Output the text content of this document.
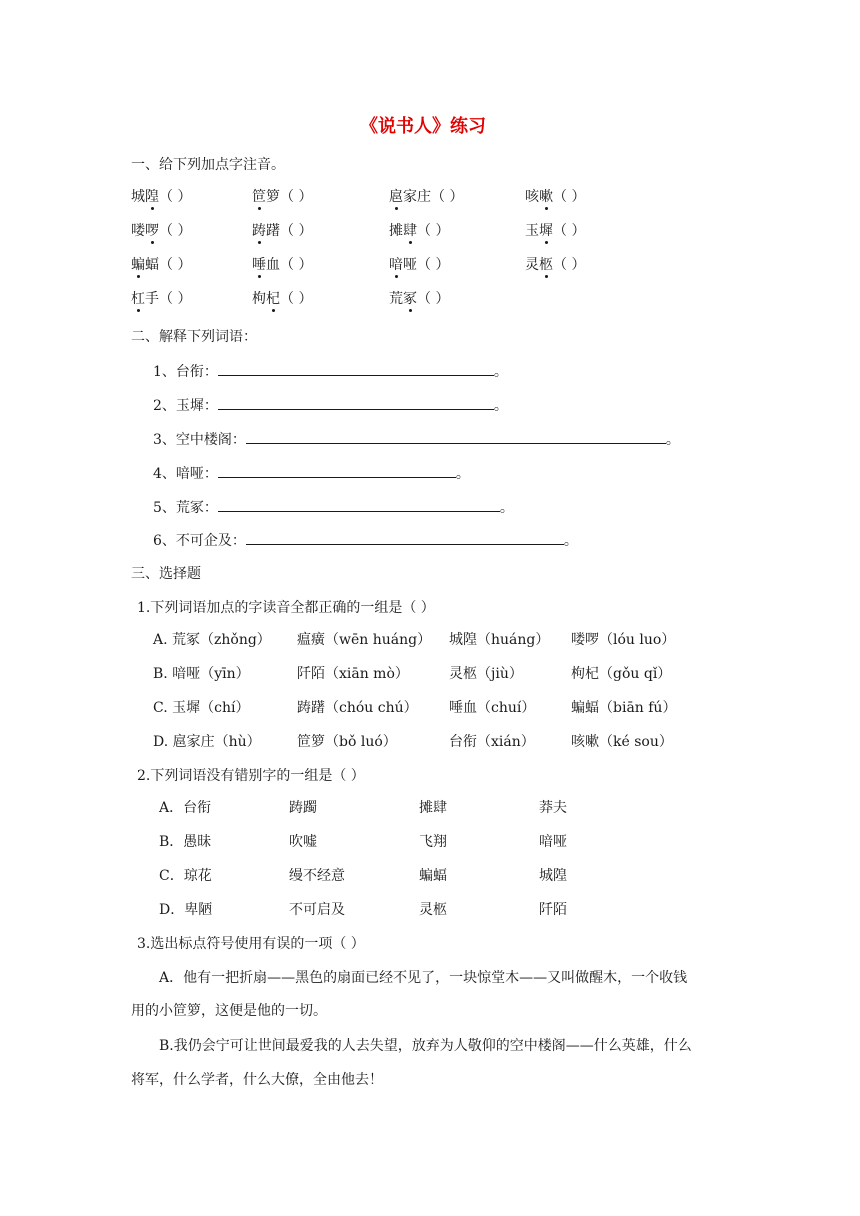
《说书人》练习
一、给下列加点字注音。
城隍（ ）	笸箩（ ）	扈家庄（ ）	咳嗽（ ）
喽啰（ ）	踌躇（ ）	摊肆（ ）	玉墀（ ）
蝙蝠（ ）	唾血（ ）	喑哑（ ）	灵柩（ ）
杠手（ ）	枸杞（ ）	荒冢（ ）
二、解释下列词语：
1、台衔：	。
2、玉墀：	。
3、空中楼阁：	。
4、喑哑：	。
5、荒冢：	。
6、不可企及：	。
三、选择题
1.下列词语加点的字读音全都正确的一组是（ ）
A. 荒冢（zhǒng） 瘟癀（wēn huáng） 城隍（huáng） 喽啰（lóu luo）
B. 喑哑（yīn）	阡陌（xiān mò）	灵柩（jiù）	枸杞（gǒu qǐ）
C. 玉墀（chí）	踌躇（chóu chú） 唾血（chuí）	蝙蝠（biān fú）
D. 扈家庄（hù）	笸箩（bǒ luó）	台衔（xián）	咳嗽（ké sou）
2.下列词语没有错别字的一组是（ ）
A．台衔	踌躅	摊肆	莽夫
B．愚昧	吹嘘	飞翔	喑哑
C．琼花	缦不经意	蝙蝠	城隍
D．卑陋	不可启及	灵柩	阡陌
3.选出标点符号使用有误的一项（ ）
A．他有一把折扇——黑色的扇面已经不见了，一块惊堂木——又叫做醒木，一个收钱
用的小笸箩，这便是他的一切。
B.我仍会宁可让世间最爱我的人去失望，放弃为人敬仰的空中楼阁——什么英雄，什么
将军，什么学者，什么大僚，全由他去！
